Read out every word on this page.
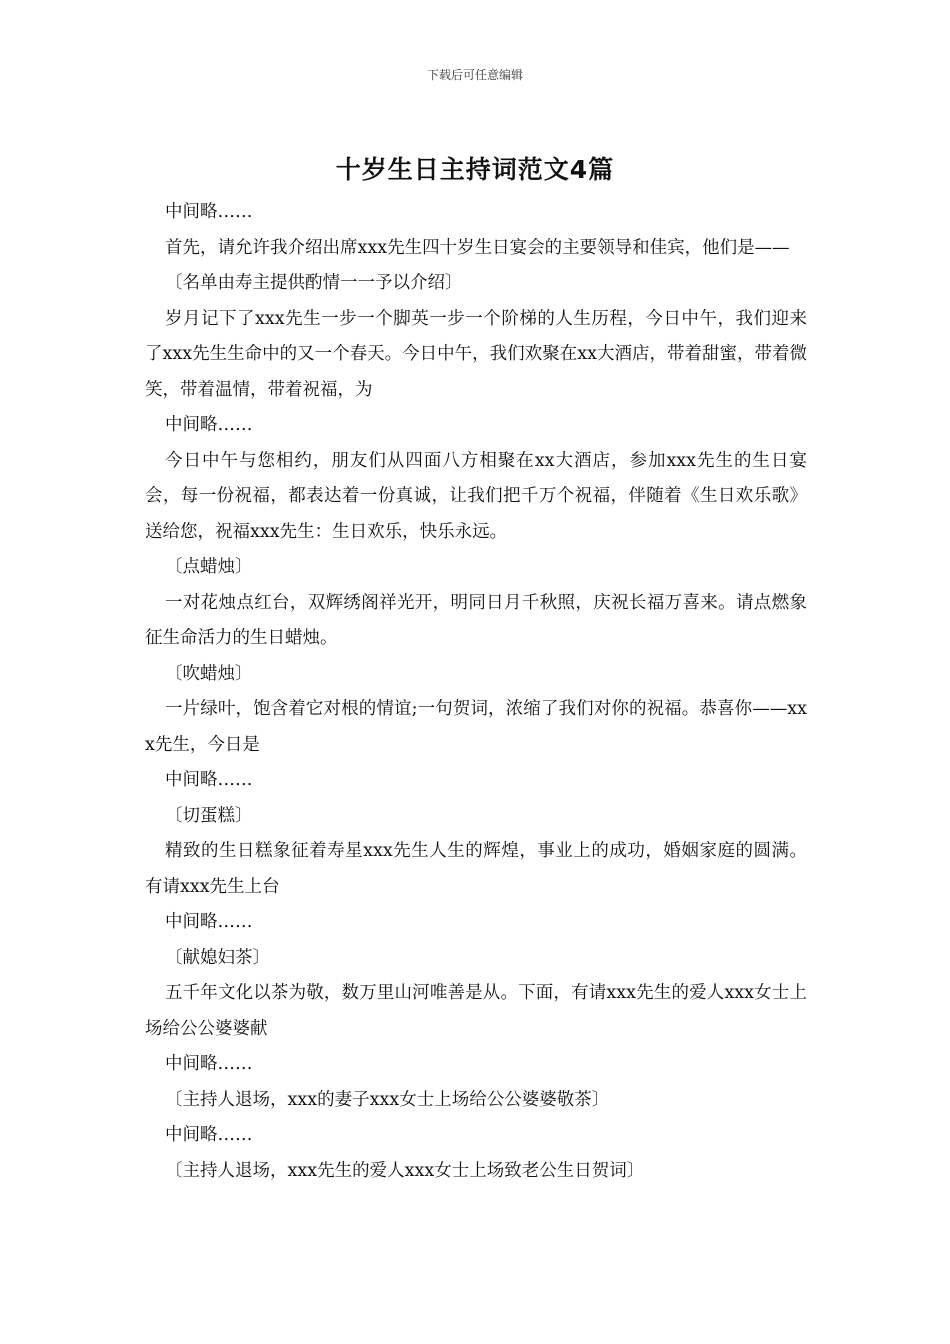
下载后可任意编辑
十岁生日主持词范文4篇

中间略……

首先，请允许我介绍出席xxx先生四十岁生日宴会的主要领导和佳宾，他们是——

〔名单由寿主提供酌情一一予以介绍〕

岁月记下了xxx先生一步一个脚英一步一个阶梯的人生历程，今日中午，我们迎来了xxx先生生命中的又一个春天。今日中午，我们欢聚在xx大酒店，带着甜蜜，带着微笑，带着温情，带着祝福，为

中间略……

今日中午与您相约，朋友们从四面八方相聚在xx大酒店，参加xxx先生的生日宴会，每一份祝福，都表达着一份真诚，让我们把千万个祝福，伴随着《生日欢乐歌》送给您，祝福xxx先生：生日欢乐，快乐永远。

〔点蜡烛〕

一对花烛点红台，双辉绣阁祥光开，明同日月千秋照，庆祝长福万喜来。请点燃象征生命活力的生日蜡烛。

〔吹蜡烛〕

一片绿叶，饱含着它对根的情谊;一句贺词，浓缩了我们对你的祝福。恭喜你——xxx先生，今日是

中间略……

〔切蛋糕〕

精致的生日糕象征着寿星xxx先生人生的辉煌，事业上的成功，婚姻家庭的圆满。有请xxx先生上台

中间略……

〔献媳妇茶〕

五千年文化以茶为敬，数万里山河唯善是从。下面，有请xxx先生的爱人xxx女士上场给公公婆婆献

中间略……

〔主持人退场，xxx的妻子xxx女士上场给公公婆婆敬茶〕

中间略……

〔主持人退场，xxx先生的爱人xxx女士上场致老公生日贺词〕
